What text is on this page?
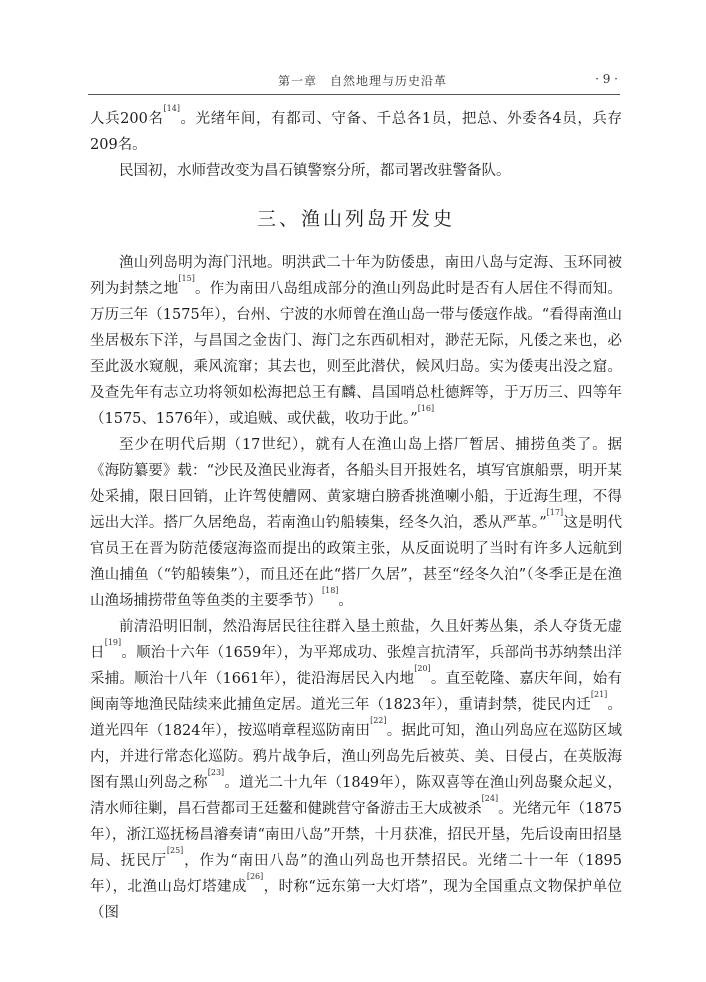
第一章　自然地理与历史沿革	· 9 ·

人兵200名[14]。光绪年间，有都司、守备、千总各1员，把总、外委各4员，兵存209名。

民国初，水师营改变为昌石镇警察分所，都司署改驻警备队。

三、渔山列岛开发史

渔山列岛明为海门汛地。明洪武二十年为防倭患，南田八岛与定海、玉环同被列为封禁之地[15]。作为南田八岛组成部分的渔山列岛此时是否有人居住不得而知。万历三年（1575年），台州、宁波的水师曾在渔山岛一带与倭寇作战。“看得南渔山坐居极东下洋，与昌国之金齿门、海门之东西矶相对，渺茫无际，凡倭之来也，必至此汲水窥舰，乘风流窜；其去也，则至此潜伏，候风归岛。实为倭夷出没之窟。及查先年有志立功将领如松海把总王有麟、昌国哨总杜德辉等，于万历三、四等年（1575、1576年），或追贼、或伏截，收功于此。”[16]

至少在明代后期（17世纪），就有人在渔山岛上搭厂暂居、捕捞鱼类了。据《海防纂要》载：“沙民及渔民业海者，各船头目开报姓名，填写官旗船票，明开某处采捕，限日回销，止许驾使艚网、黄家塘白膀香挑渔喇小船，于近海生理，不得远出大洋。搭厂久居绝岛，若南渔山钓船辏集，经冬久泊，悉从严革。”[17]这是明代官员王在晋为防范倭寇海盗而提出的政策主张，从反面说明了当时有许多人远航到渔山捕鱼（“钓船辏集”），而且还在此“搭厂久居”，甚至“经冬久泊”（冬季正是在渔山渔场捕捞带鱼等鱼类的主要季节）[18]。

前清沿明旧制，然沿海居民往往群入垦土煎盐，久且奸莠丛集，杀人夺货无虚日[19]。顺治十六年（1659年），为平郑成功、张煌言抗清军，兵部尚书苏纳禁出洋采捕。顺治十八年（1661年），徙沿海居民入内地[20]。直至乾隆、嘉庆年间，始有闽南等地渔民陆续来此捕鱼定居。道光三年（1823年），重请封禁，徙民内迁[21]。道光四年（1824年），按巡哨章程巡防南田[22]。据此可知，渔山列岛应在巡防区域内，并进行常态化巡防。鸦片战争后，渔山列岛先后被英、美、日侵占，在英版海图有黑山列岛之称[23]。道光二十九年（1849年），陈双喜等在渔山列岛聚众起义，清水师往剿，昌石营都司王廷鳌和健跳营守备游击王大成被杀[24]。光绪元年（1875年），浙江巡抚杨昌濬奏请“南田八岛”开禁，十月获准，招民开垦，先后设南田招垦局、抚民厅[25]，作为“南田八岛”的渔山列岛也开禁招民。光绪二十一年（1895年），北渔山岛灯塔建成[26]，时称“远东第一大灯塔”，现为全国重点文物保护单位（图
